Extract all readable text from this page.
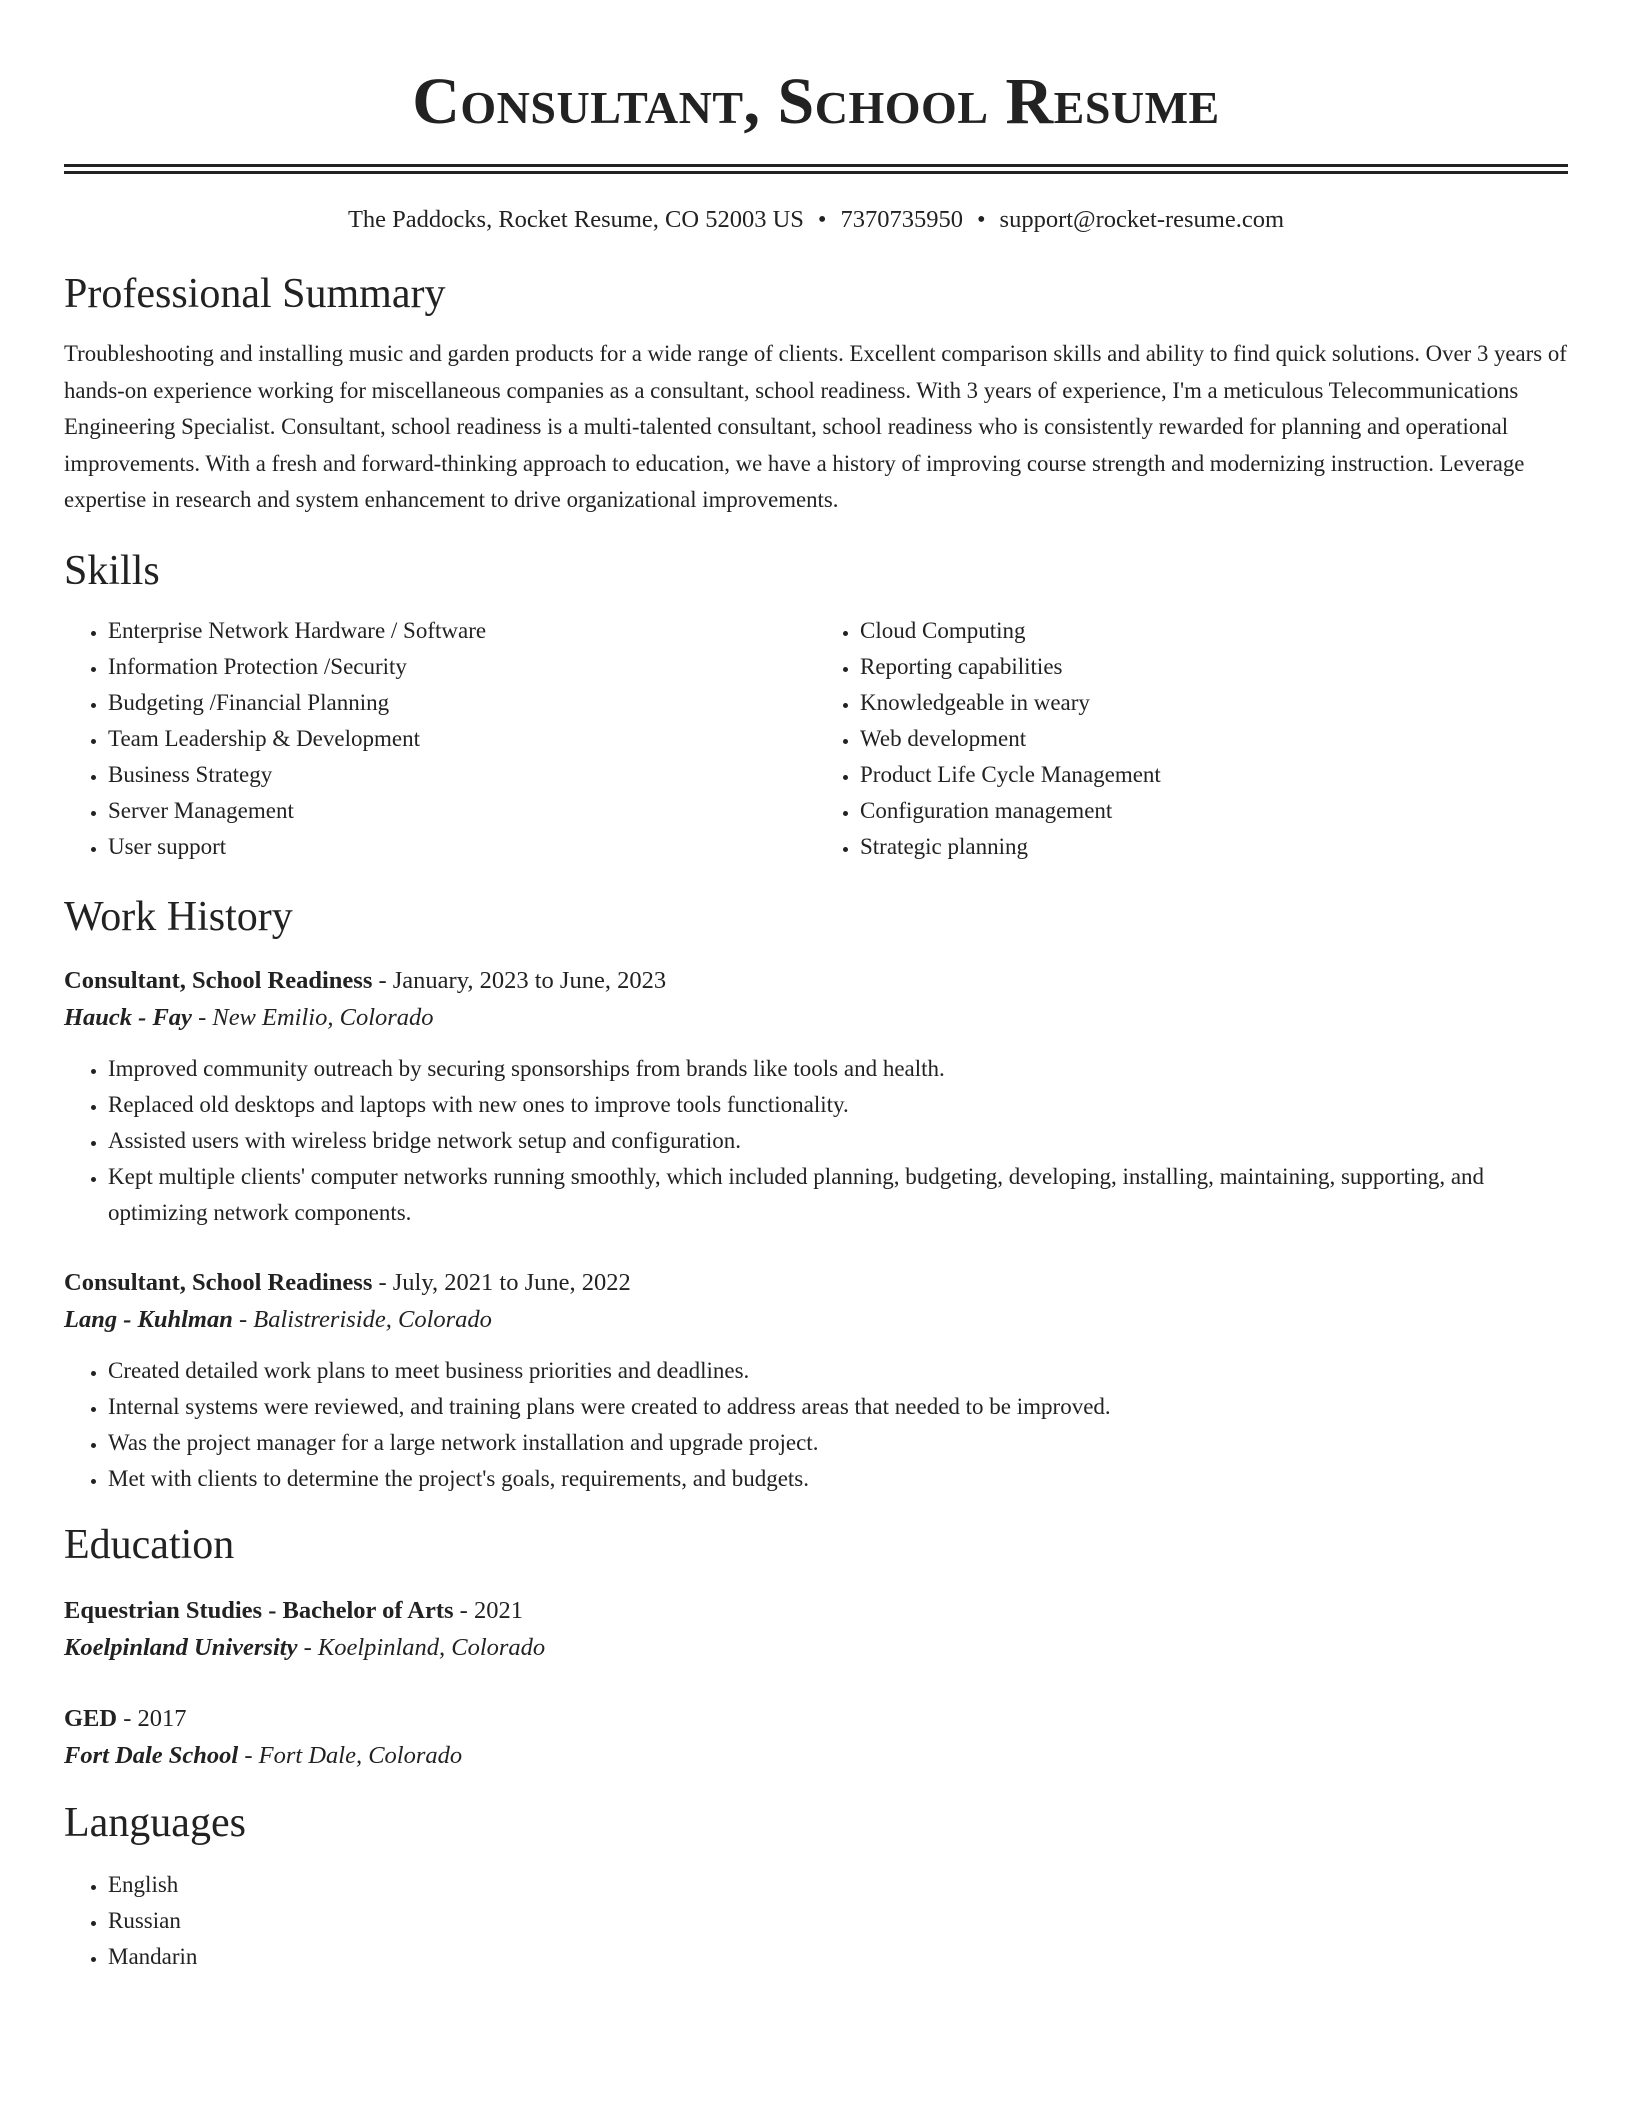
Consultant, School Resume
The Paddocks, Rocket Resume, CO 52003 US • 7370735950 • support@rocket-resume.com
Professional Summary
Troubleshooting and installing music and garden products for a wide range of clients. Excellent comparison skills and ability to find quick solutions. Over 3 years of hands-on experience working for miscellaneous companies as a consultant, school readiness. With 3 years of experience, I'm a meticulous Telecommunications Engineering Specialist. Consultant, school readiness is a multi-talented consultant, school readiness who is consistently rewarded for planning and operational improvements. With a fresh and forward-thinking approach to education, we have a history of improving course strength and modernizing instruction. Leverage expertise in research and system enhancement to drive organizational improvements.
Skills
• Enterprise Network Hardware / Software
• Information Protection /Security
• Budgeting /Financial Planning
• Team Leadership & Development
• Business Strategy
• Server Management
• User support
• Cloud Computing
• Reporting capabilities
• Knowledgeable in weary
• Web development
• Product Life Cycle Management
• Configuration management
• Strategic planning
Work History
Consultant, School Readiness - January, 2023 to June, 2023
Hauck - Fay - New Emilio, Colorado
• Improved community outreach by securing sponsorships from brands like tools and health.
• Replaced old desktops and laptops with new ones to improve tools functionality.
• Assisted users with wireless bridge network setup and configuration.
• Kept multiple clients' computer networks running smoothly, which included planning, budgeting, developing, installing, maintaining, supporting, and optimizing network components.
Consultant, School Readiness - July, 2021 to June, 2022
Lang - Kuhlman - Balistreriside, Colorado
• Created detailed work plans to meet business priorities and deadlines.
• Internal systems were reviewed, and training plans were created to address areas that needed to be improved.
• Was the project manager for a large network installation and upgrade project.
• Met with clients to determine the project's goals, requirements, and budgets.
Education
Equestrian Studies - Bachelor of Arts - 2021
Koelpinland University - Koelpinland, Colorado
GED - 2017
Fort Dale School - Fort Dale, Colorado
Languages
• English
• Russian
• Mandarin
